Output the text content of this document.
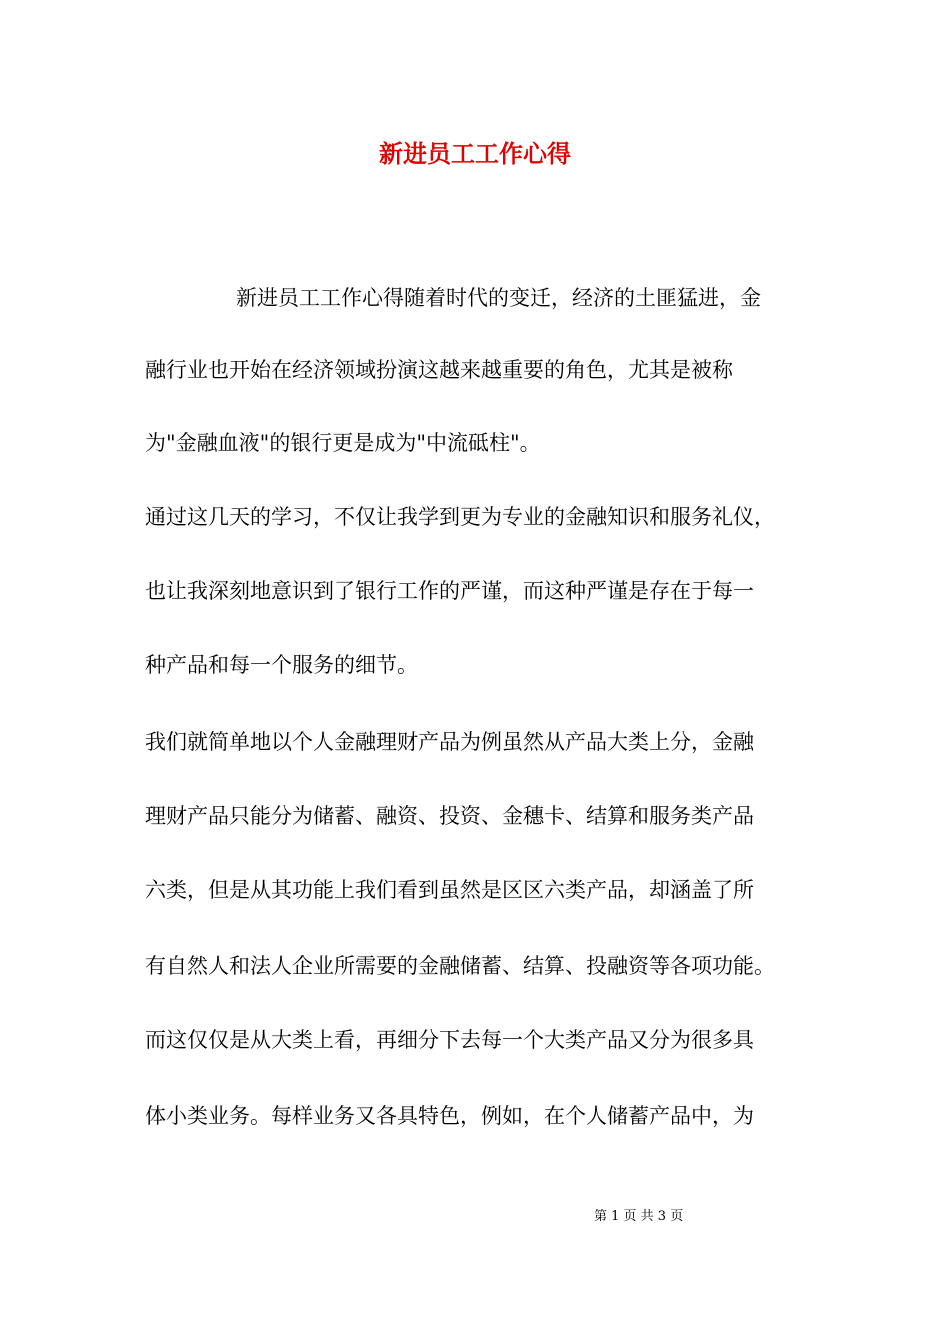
新进员工工作心得
新进员工工作心得随着时代的变迁，经济的土匪猛进，金
融行业也开始在经济领域扮演这越来越重要的角色，尤其是被称
为"金融血液"的银行更是成为"中流砥柱"。
通过这几天的学习，不仅让我学到更为专业的金融知识和服务礼仪，
也让我深刻地意识到了银行工作的严谨，而这种严谨是存在于每一
种产品和每一个服务的细节。
我们就简单地以个人金融理财产品为例虽然从产品大类上分，金融
理财产品只能分为储蓄、融资、投资、金穗卡、结算和服务类产品
六类，但是从其功能上我们看到虽然是区区六类产品，却涵盖了所
有自然人和法人企业所需要的金融储蓄、结算、投融资等各项功能。
而这仅仅是从大类上看，再细分下去每一个大类产品又分为很多具
体小类业务。每样业务又各具特色，例如，在个人储蓄产品中，为
第 1 页 共 3 页
